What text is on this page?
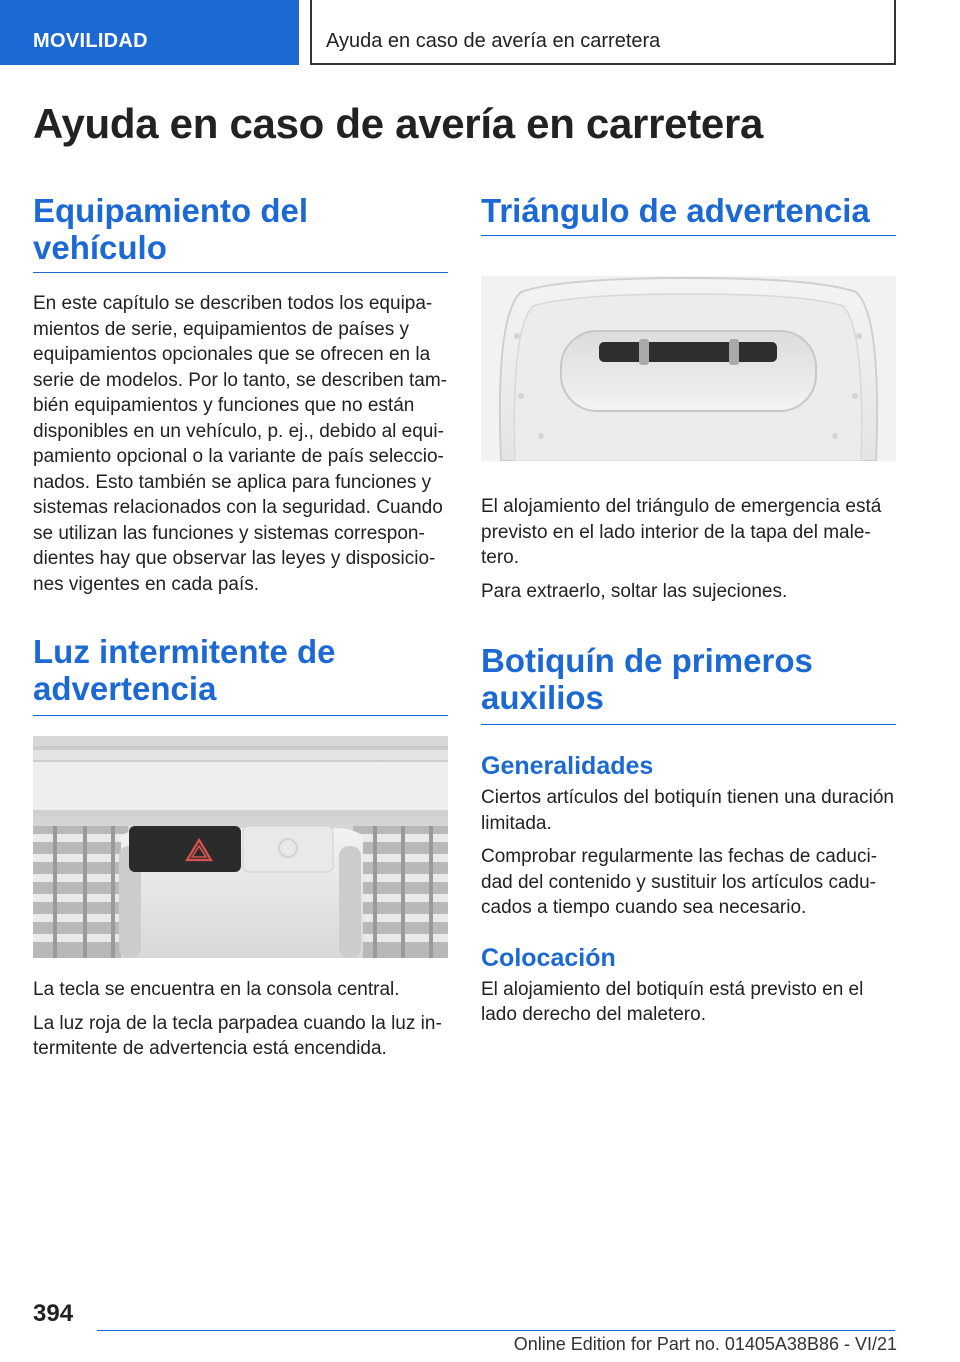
MOVILIDAD	Ayuda en caso de avería en carretera
Ayuda en caso de avería en carretera
Equipamiento del vehículo

En este capítulo se describen todos los equipa‐
mientos de serie, equipamientos de países y
equipamientos opcionales que se ofrecen en la
serie de modelos. Por lo tanto, se describen tam‐
bién equipamientos y funciones que no están
disponibles en un vehículo, p. ej., debido al equi‐
pamiento opcional o la variante de país seleccio‐
nados. Esto también se aplica para funciones y
sistemas relacionados con la seguridad. Cuando
se utilizan las funciones y sistemas correspon‐
dientes hay que observar las leyes y disposicio‐
nes vigentes en cada país.

Luz intermitente de
advertencia

La tecla se encuentra en la consola central.

La luz roja de la tecla parpadea cuando la luz in‐
termitente de advertencia está encendida.

Triángulo de advertencia

El alojamiento del triángulo de emergencia está
previsto en el lado interior de la tapa del male‐
tero.

Para extraerlo, soltar las sujeciones.

Botiquín de primeros
auxilios
Generalidades

Ciertos artículos del botiquín tienen una duración
limitada.

Comprobar regularmente las fechas de caduci‐
dad del contenido y sustituir los artículos cadu‐
cados a tiempo cuando sea necesario.

Colocación

El alojamiento del botiquín está previsto en el
lado derecho del maletero.

394
Online Edition for Part no. 01405A38B86 - VI/21
